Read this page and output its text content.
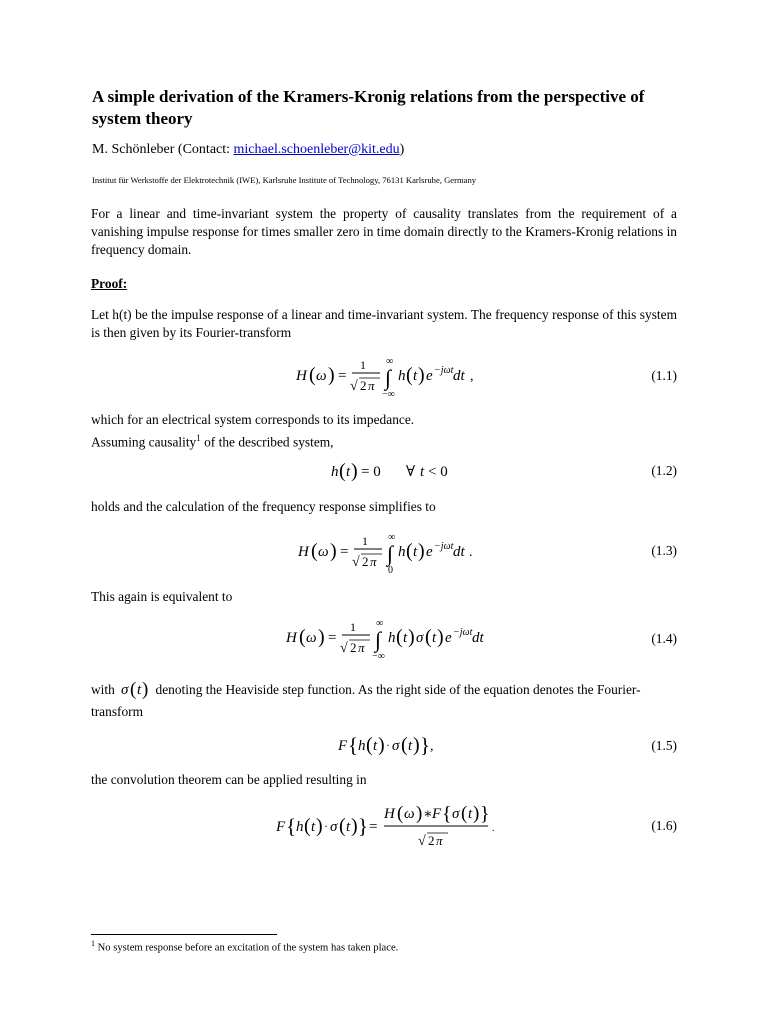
A simple derivation of the Kramers-Kronig relations from the perspective of system theory
M. Schönleber (Contact: michael.schoenleber@kit.edu)
Institut für Werkstoffe der Elektrotechnik (IWE), Karlsruhe Institute of Technology, 76131 Karlsruhe, Germany
For a linear and time-invariant system the property of causality translates from the requirement of a vanishing impulse response for times smaller zero in time domain directly to the Kramers-Kronig relations in frequency domain.
Proof:
Let h(t) be the impulse response of a linear and time-invariant system. The frequency response of this system is then given by its Fourier-transform
H ( ω ) =
1
√ 2 π
∞
∫
−∞
h ( t ) e −jωt dt ,	(1.1)
which for an electrical system corresponds to its impedance.
Assuming causality$^1$ of the described system,
h ( t ) = 0 ∀ t < 0	(1.2)
holds and the calculation of the frequency response simplifies to
H ( ω ) =
1
√ 2 π
∞
∫
0
h ( t ) e −jωt dt .	(1.3)
This again is equivalent to
H ( ω ) =
1
√ 2 π
∞
∫
−∞
h ( t ) σ ( t ) e −jωt dt	(1.4)
with σ ( t ) denoting the Heaviside step function. As the right side of the equation denotes the Fourier-
transform
F { h ( t ) · σ ( t ) } ,	(1.5)
the convolution theorem can be applied resulting in
F { h ( t ) · σ ( t ) } =
H ( ω ) ∗ F { σ ( t ) }
√ 2 π
.	(1.6)
$^1$ No system response before an excitation of the system has taken place.
